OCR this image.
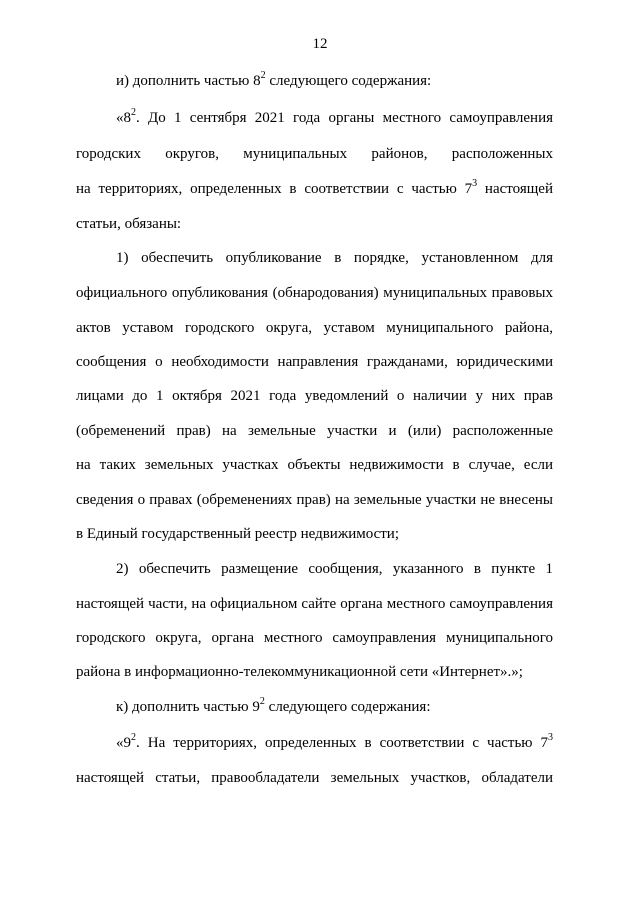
12
и) дополнить частью $8^2$ следующего содержания:
«$8^2$. До 1 сентября 2021 года органы местного самоуправления
городских округов, муниципальных районов, расположенных
на территориях, определенных в соответствии с частью $7^3$ настоящей
статьи, обязаны:
1) обеспечить опубликование в порядке, установленном для
официального опубликования (обнародования) муниципальных правовых
актов уставом городского округа, уставом муниципального района,
сообщения о необходимости направления гражданами, юридическими
лицами до 1 октября 2021 года уведомлений о наличии у них прав
(обременений прав) на земельные участки и (или) расположенные
на таких земельных участках объекты недвижимости в случае, если
сведения о правах (обременениях прав) на земельные участки не внесены
в Единый государственный реестр недвижимости;
2) обеспечить размещение сообщения, указанного в пункте 1
настоящей части, на официальном сайте органа местного самоуправления
городского округа, органа местного самоуправления муниципального
района в информационно-телекоммуникационной сети «Интернет».»;
к) дополнить частью $9^2$ следующего содержания:
«$9^2$. На территориях, определенных в соответствии с частью $7^3$
настоящей статьи, правообладатели земельных участков, обладатели
